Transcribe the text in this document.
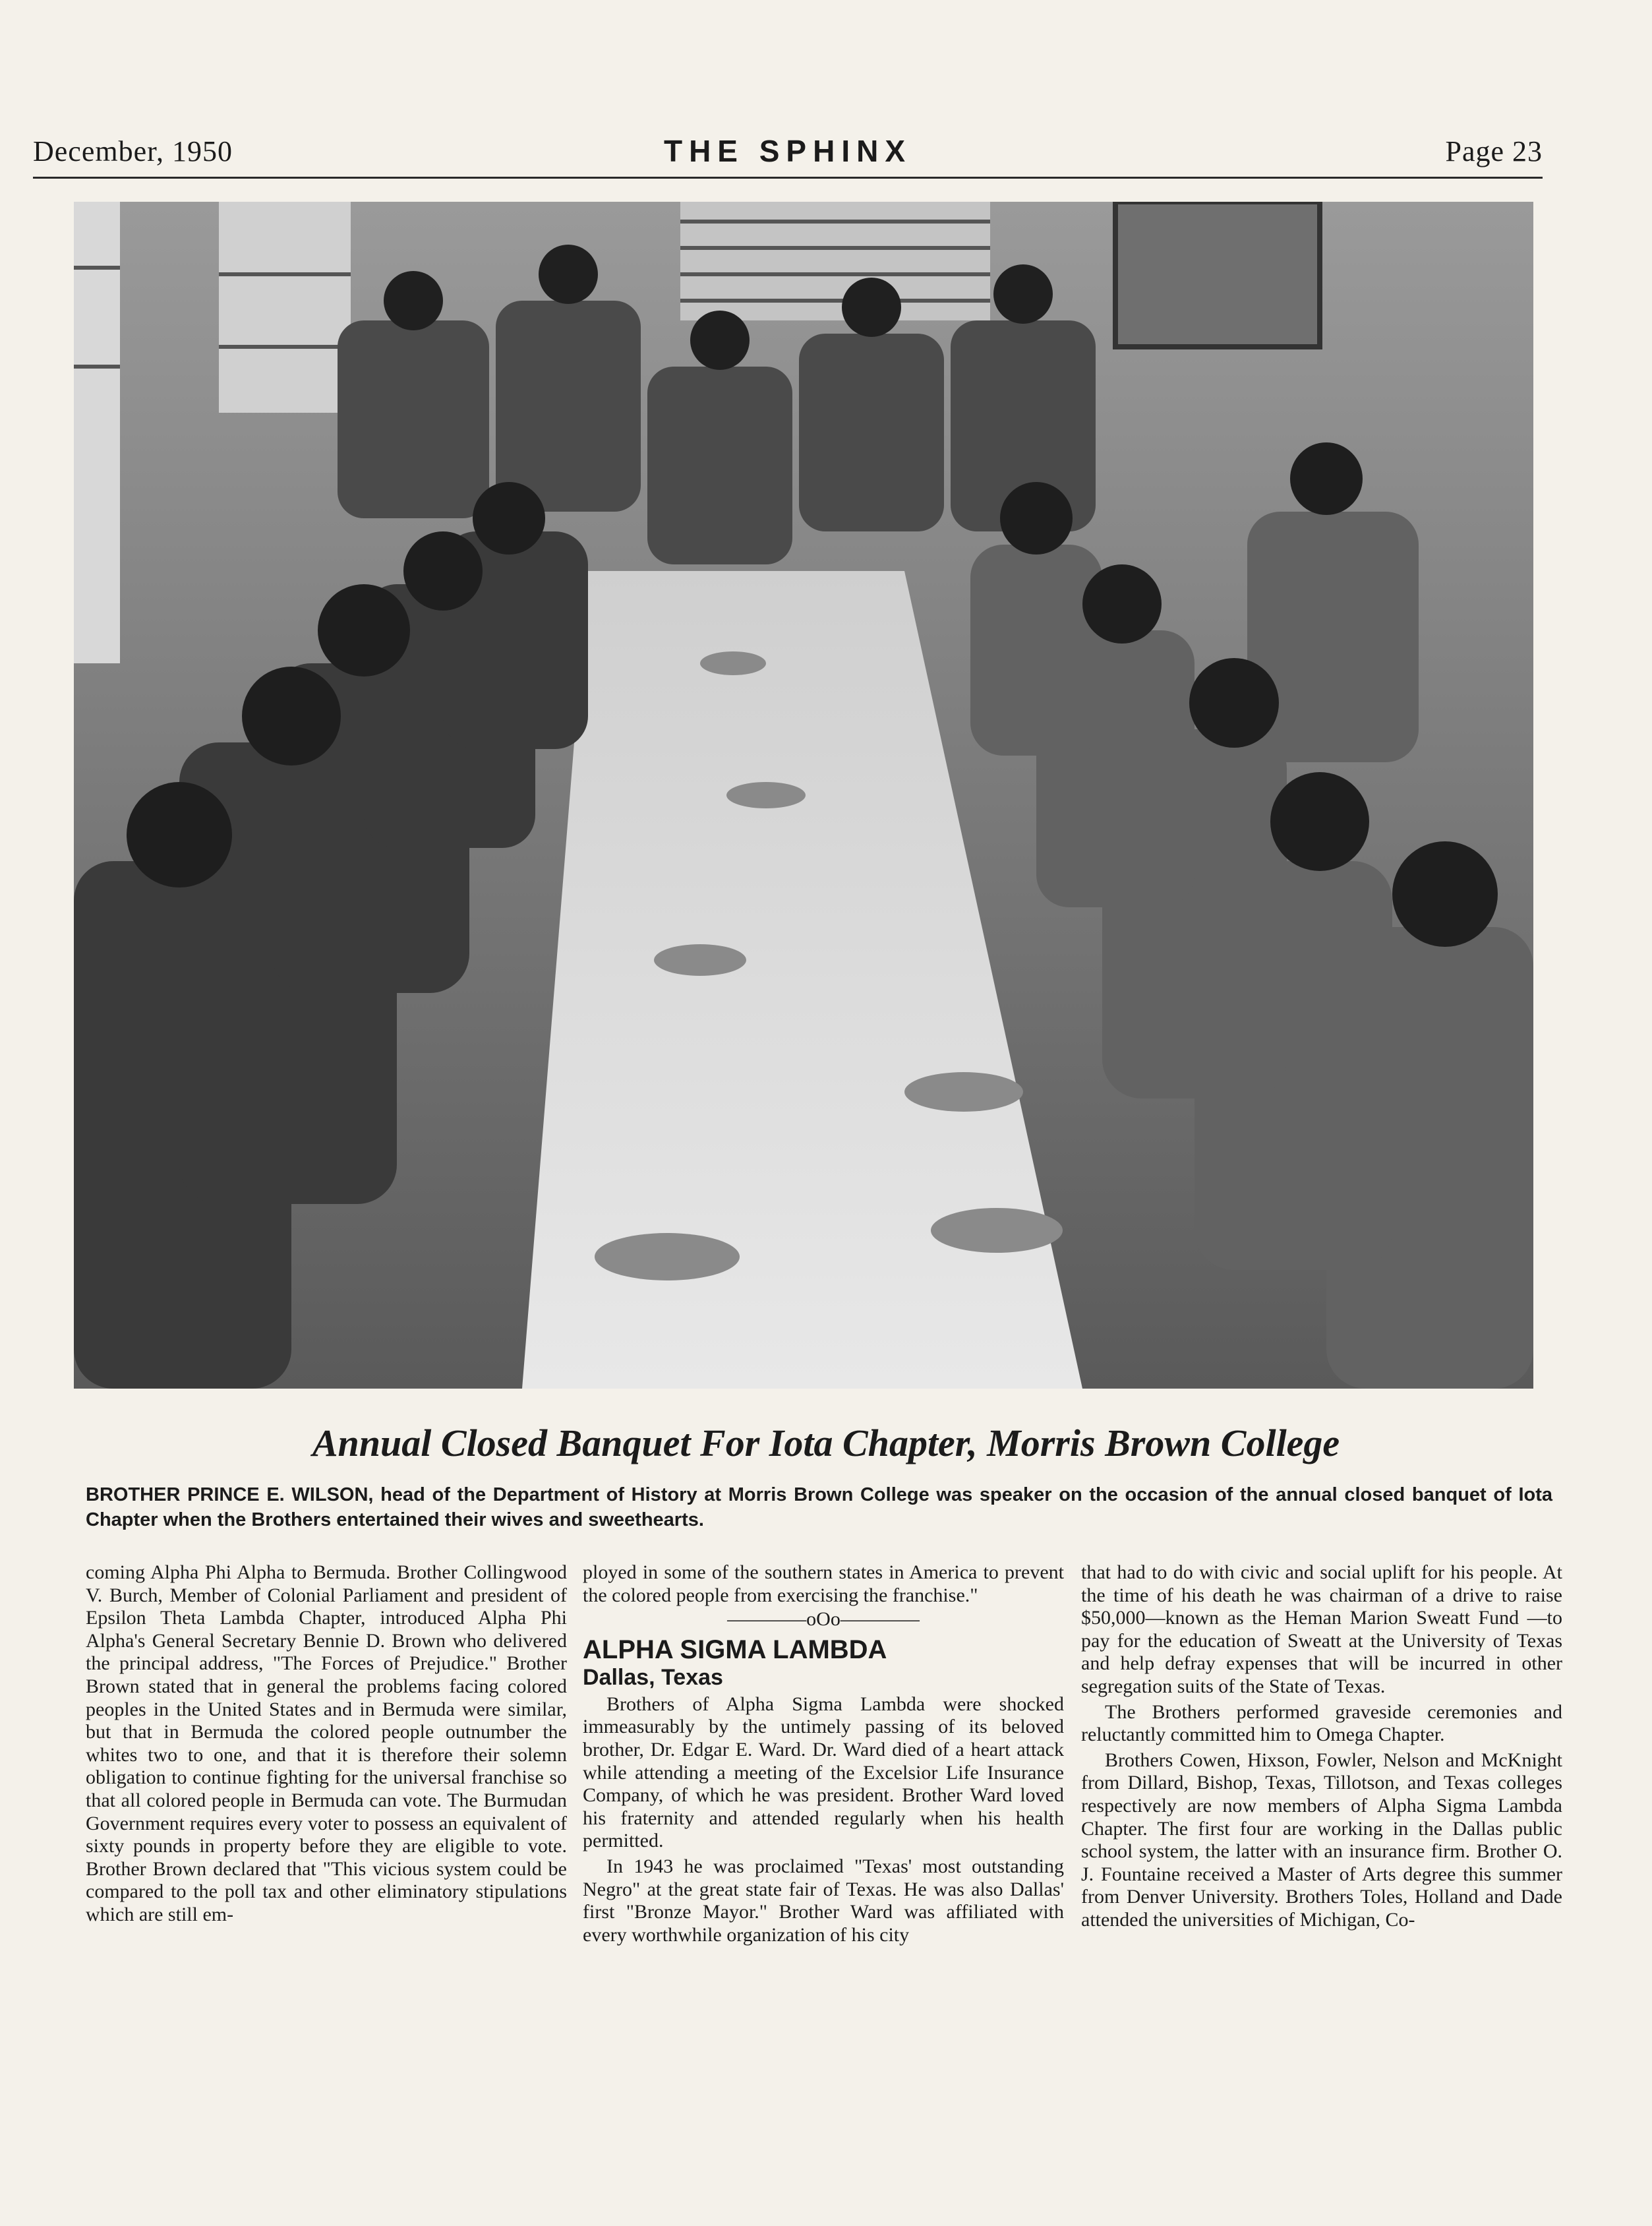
December, 1950	THE SPHINX	Page 23
Annual Closed Banquet For Iota Chapter, Morris Brown College
BROTHER PRINCE E. WILSON, head of the Department of History at Morris Brown College was speaker on the occasion of the annual closed banquet of Iota Chapter when the Brothers entertained their wives and sweethearts.

coming Alpha Phi Alpha to Bermuda. Brother Collingwood V. Burch, Member of Colonial Parliament and president of Epsilon Theta Lambda Chapter, introduced Alpha Phi Alpha's General Secretary Bennie D. Brown who delivered the principal address, "The Forces of Prejudice." Brother Brown stated that in general the problems facing colored peoples in the United States and in Bermuda were similar, but that in Bermuda the colored people outnumber the whites two to one, and that it is therefore their solemn obligation to continue fighting for the universal franchise so that all colored people in Bermuda can vote. The Burmudan Government requires every voter to possess an equivalent of sixty pounds in property before they are eligible to vote. Brother Brown declared that "This vicious system could be compared to the poll tax and other eliminatory stipulations which are still em-

ployed in some of the southern states in America to prevent the colored people from exercising the franchise."

————oOo————
ALPHA SIGMA LAMBDA
Dallas, Texas

Brothers of Alpha Sigma Lambda were shocked immeasurably by the untimely passing of its beloved brother, Dr. Edgar E. Ward. Dr. Ward died of a heart attack while attending a meeting of the Excelsior Life Insurance Company, of which he was president. Brother Ward loved his fraternity and attended regularly when his health permitted.

In 1943 he was proclaimed "Texas' most outstanding Negro" at the great state fair of Texas. He was also Dallas' first "Bronze Mayor." Brother Ward was affiliated with every worthwhile organization of his city

that had to do with civic and social uplift for his people. At the time of his death he was chairman of a drive to raise $50,000—known as the Heman Marion Sweatt Fund —to pay for the education of Sweatt at the University of Texas and help defray expenses that will be incurred in other segregation suits of the State of Texas.

The Brothers performed graveside ceremonies and reluctantly committed him to Omega Chapter.

Brothers Cowen, Hixson, Fowler, Nelson and McKnight from Dillard, Bishop, Texas, Tillotson, and Texas colleges respectively are now members of Alpha Sigma Lambda Chapter. The first four are working in the Dallas public school system, the latter with an insurance firm. Brother O. J. Fountaine received a Master of Arts degree this summer from Denver University. Brothers Toles, Holland and Dade attended the universities of Michigan, Co-
